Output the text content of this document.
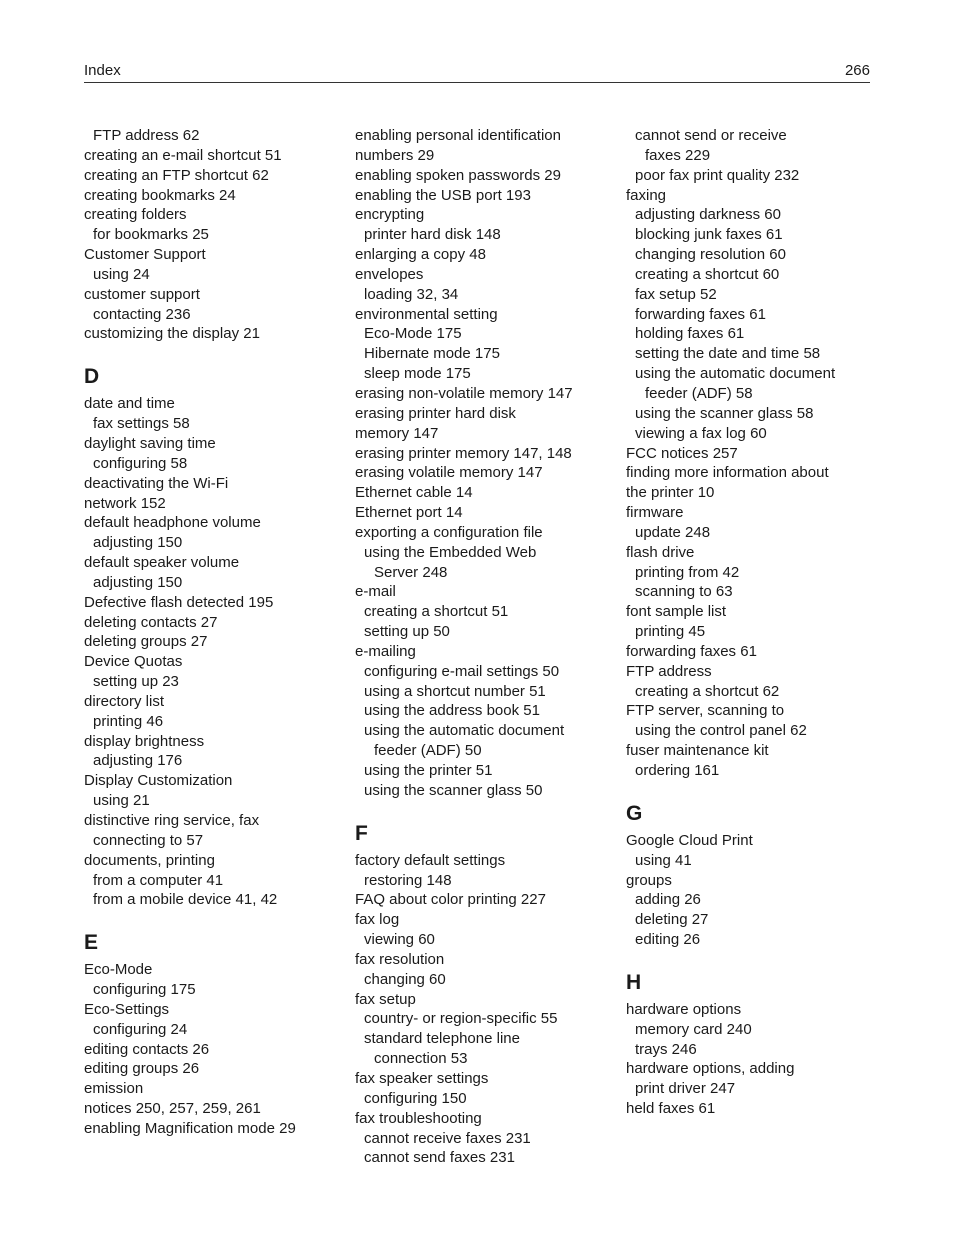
Index	266
FTP address 62
creating an e-mail shortcut 51
creating an FTP shortcut 62
creating bookmarks 24
creating folders
for bookmarks 25
Customer Support
using 24
customer support
contacting 236
customizing the display 21
D
date and time
fax settings 58
daylight saving time
configuring 58
deactivating the Wi-Fi
network 152
default headphone volume
adjusting 150
default speaker volume
adjusting 150
Defective flash detected 195
deleting contacts 27
deleting groups 27
Device Quotas
setting up 23
directory list
printing 46
display brightness
adjusting 176
Display Customization
using 21
distinctive ring service, fax
connecting to 57
documents, printing
from a computer 41
from a mobile device 41, 42
E
Eco-Mode
configuring 175
Eco-Settings
configuring 24
editing contacts 26
editing groups 26
emission
notices 250, 257, 259, 261
enabling Magnification mode 29
enabling personal identification
numbers 29
enabling spoken passwords 29
enabling the USB port 193
encrypting
printer hard disk 148
enlarging a copy 48
envelopes
loading 32, 34
environmental setting
Eco-Mode 175
Hibernate mode 175
sleep mode 175
erasing non-volatile memory 147
erasing printer hard disk
memory 147
erasing printer memory 147, 148
erasing volatile memory 147
Ethernet cable 14
Ethernet port 14
exporting a configuration file
using the Embedded Web
Server 248
e-mail
creating a shortcut 51
setting up 50
e-mailing
configuring e-mail settings 50
using a shortcut number 51
using the address book 51
using the automatic document
feeder (ADF) 50
using the printer 51
using the scanner glass 50
F
factory default settings
restoring 148
FAQ about color printing 227
fax log
viewing 60
fax resolution
changing 60
fax setup
country- or region-specific 55
standard telephone line
connection 53
fax speaker settings
configuring 150
fax troubleshooting
cannot receive faxes 231
cannot send faxes 231
cannot send or receive
faxes 229
poor fax print quality 232
faxing
adjusting darkness 60
blocking junk faxes 61
changing resolution 60
creating a shortcut 60
fax setup 52
forwarding faxes 61
holding faxes 61
setting the date and time 58
using the automatic document
feeder (ADF) 58
using the scanner glass 58
viewing a fax log 60
FCC notices 257
finding more information about
the printer 10
firmware
update 248
flash drive
printing from 42
scanning to 63
font sample list
printing 45
forwarding faxes 61
FTP address
creating a shortcut 62
FTP server, scanning to
using the control panel 62
fuser maintenance kit
ordering 161
G
Google Cloud Print
using 41
groups
adding 26
deleting 27
editing 26
H
hardware options
memory card 240
trays 246
hardware options, adding
print driver 247
held faxes 61
